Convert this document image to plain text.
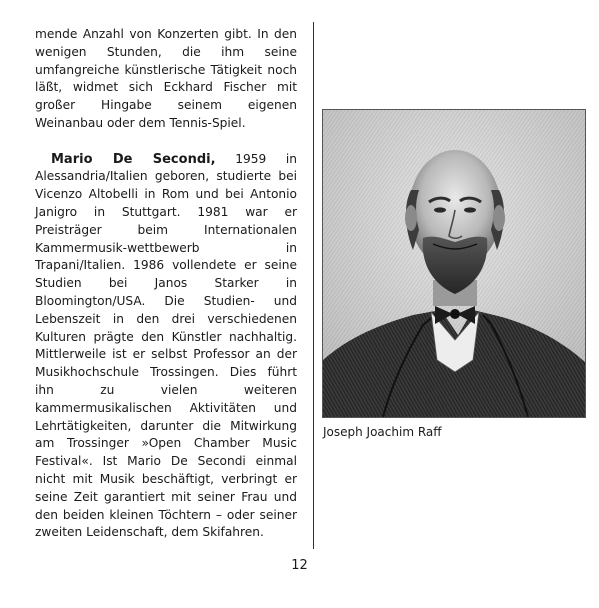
mende Anzahl von Konzerten gibt. In den wenigen Stunden, die ihm seine umfangreiche künstlerische Tätigkeit noch läßt, widmet sich Eckhard Fischer mit großer Hingabe seinem eigenen Weinanbau oder dem Tennis-Spiel.

Mario De Secondi, 1959 in Alessandria/Italien geboren, studierte bei Vicenzo Altobelli in Rom und bei Antonio Janigro in Stuttgart. 1981 war er Preisträger beim Internationalen Kammermusik-wettbewerb in Trapani/Italien. 1986 vollendete er seine Studien bei Janos Starker in Bloomington/USA. Die Studien- und Lebenszeit in den drei verschiedenen Kulturen prägte den Künstler nachhaltig. Mittlerweile ist er selbst Professor an der Musikhochschule Trossingen. Dies führt ihn zu vielen weiteren kammermusikalischen Aktivitäten und Lehrtätigkeiten, darunter die Mitwirkung am Trossinger »Open Chamber Music Festival«. Ist Mario De Secondi einmal nicht mit Musik beschäftigt, verbringt er seine Zeit garantiert mit seiner Frau und den beiden kleinen Töchtern – oder seiner zweiten Leidenschaft, dem Skifahren.

Joseph Joachim Raff
12
